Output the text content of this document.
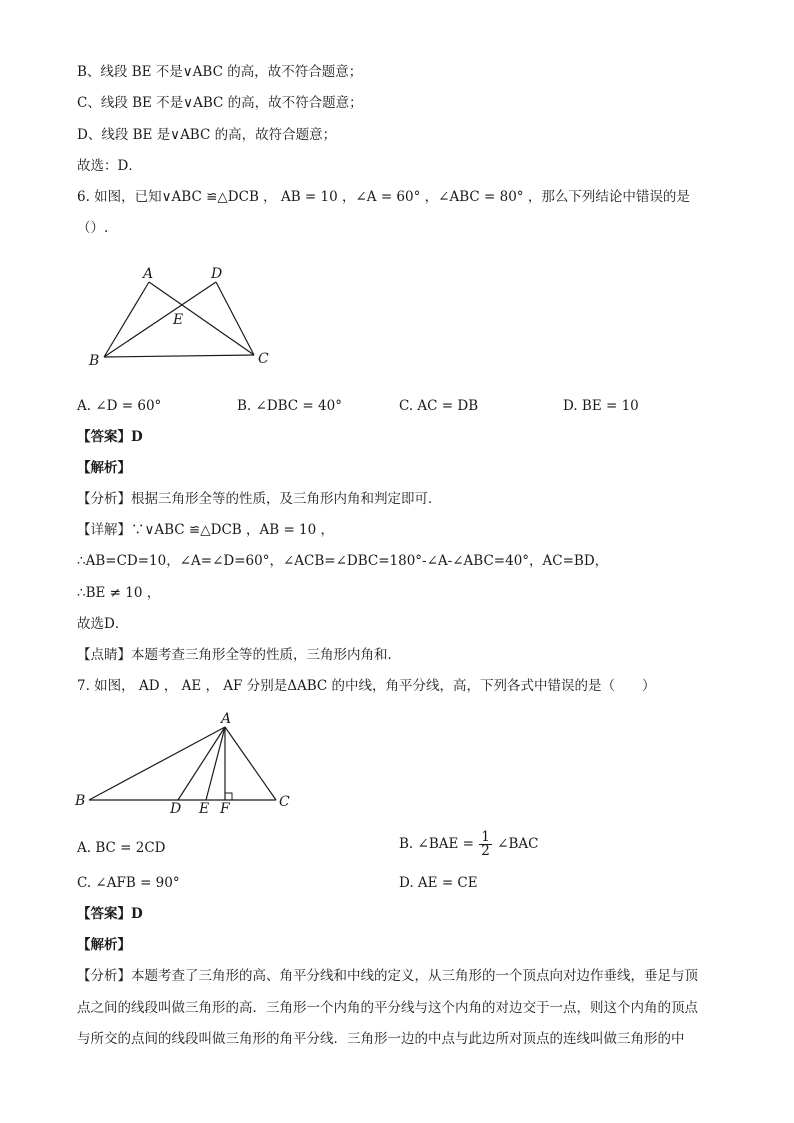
B、线段 BE 不是∨ABC 的高，故不符合题意；
C、线段 BE 不是∨ABC 的高，故不符合题意；
D、线段 BE 是∨ABC 的高，故符合题意；
故选：D．
6. 如图，已知∨ABC ≌△DCB ， AB = 10 ，∠A = 60° ，∠ABC = 80° ，那么下列结论中错误的是
（）.
A	D
E
B	C
A. ∠D = 60°	B. ∠DBC = 40°	C. AC = DB	D. BE = 10
【答案】D
【解析】
【分析】根据三角形全等的性质，及三角形内角和判定即可．
【详解】∵∨ABC ≌△DCB ，AB = 10 ，
∴AB=CD=10，∠A=∠D=60°，∠ACB=∠DBC=180°-∠A-∠ABC=40°，AC=BD，
∴BE ≠ 10 ，
故选D．
【点睛】本题考查三角形全等的性质，三角形内角和．
7. 如图， AD ， AE ， AF 分别是ΔABC 的中线，角平分线，高，下列各式中错误的是（　　）
A
B	D E F	C
A. BC = 2CD	B. ∠BAE = $\frac{1}{2}$ ∠BAC
C. ∠AFB = 90°	D. AE = CE
【答案】D
【解析】
【分析】本题考查了三角形的高、角平分线和中线的定义，从三角形的一个顶点向对边作垂线，垂足与顶
点之间的线段叫做三角形的高．三角形一个内角的平分线与这个内角的对边交于一点，则这个内角的顶点
与所交的点间的线段叫做三角形的角平分线．三角形一边的中点与此边所对顶点的连线叫做三角形的中
